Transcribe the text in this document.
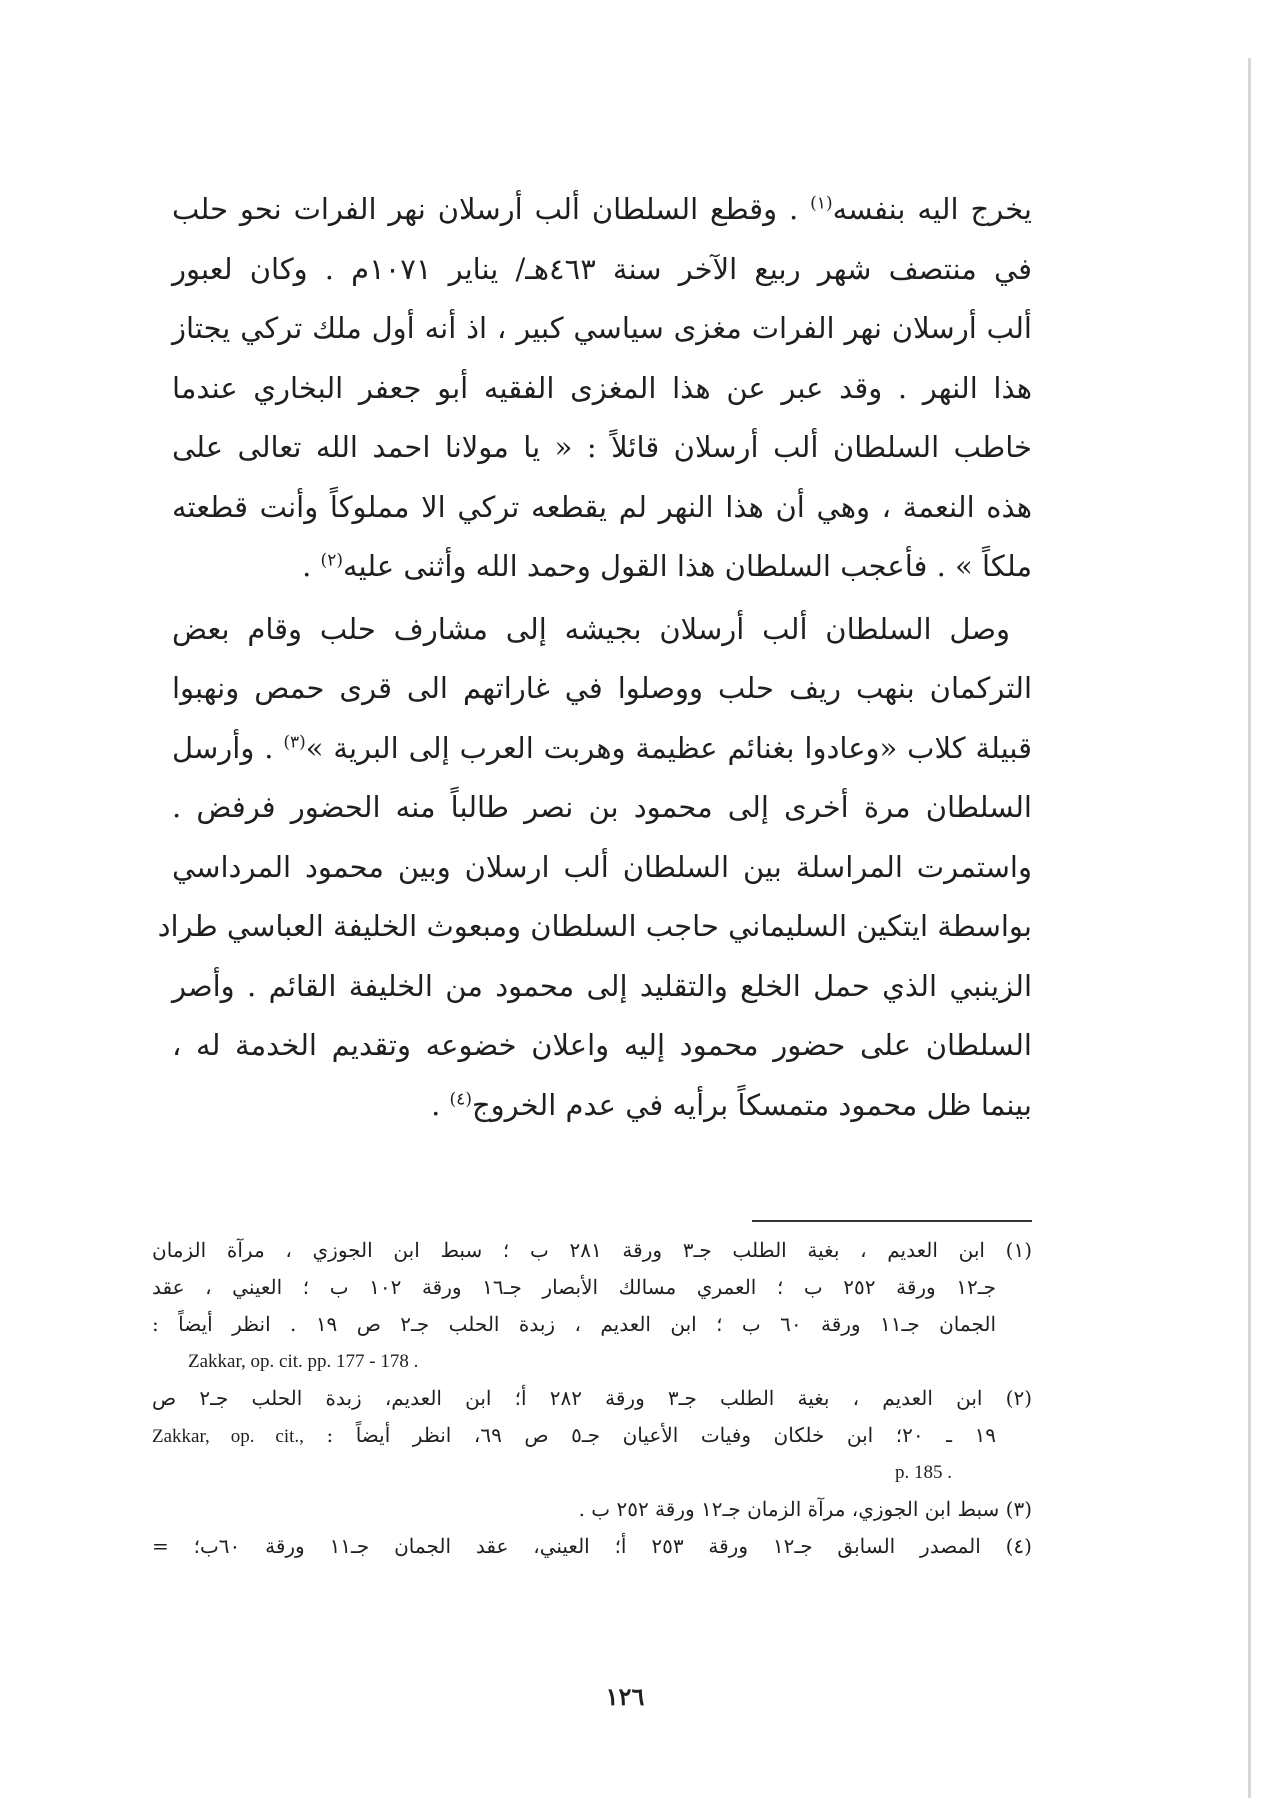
يخرج اليه بنفسه$^{(١)}$ . وقطع السلطان ألب أرسلان نهر الفرات نحو حلب
في منتصف شهر ربيع الآخر سنة ٤٦٣هـ/ يناير ١٠٧١م . وكان لعبور
ألب أرسلان نهر الفرات مغزى سياسي كبير ، اذ أنه أول ملك تركي يجتاز
هذا النهر . وقد عبر عن هذا المغزى الفقيه أبو جعفر البخاري عندما
خاطب السلطان ألب أرسلان قائلاً : « يا مولانا احمد الله تعالى على
هذه النعمة ، وهي أن هذا النهر لم يقطعه تركي الا مملوكاً وأنت قطعته
ملكاً » . فأعجب السلطان هذا القول وحمد الله وأثنى عليه$^{(٢)}$ .
وصل السلطان ألب أرسلان بجيشه إلى مشارف حلب وقام بعض
التركمان بنهب ريف حلب ووصلوا في غاراتهم الى قرى حمص ونهبوا
قبيلة كلاب «وعادوا بغنائم عظيمة وهربت العرب إلى البرية »$^{(٣)}$ . وأرسل
السلطان مرة أخرى إلى محمود بن نصر طالباً منه الحضور فرفض .
واستمرت المراسلة بين السلطان ألب ارسلان وبين محمود المرداسي
بواسطة ايتكين السليماني حاجب السلطان ومبعوث الخليفة العباسي طراد
الزينبي الذي حمل الخلع والتقليد إلى محمود من الخليفة القائم . وأصر
السلطان على حضور محمود إليه واعلان خضوعه وتقديم الخدمة له ،
بينما ظل محمود متمسكاً برأيه في عدم الخروج$^{(٤)}$ .
(١) ابن العديم ، بغية الطلب جـ٣ ورقة ٢٨١ ب ؛ سبط ابن الجوزي ، مرآة الزمان
جـ١٢ ورقة ٢٥٢ ب ؛ العمري مسالك الأبصار جـ١٦ ورقة ١٠٢ ب ؛ العيني ، عقد
الجمان جـ١١ ورقة ٦٠ ب ؛ ابن العديم ، زبدة الحلب جـ٢ ص ١٩ . انظر أيضاً :
Zakkar, op. cit. pp. 177 - 178 .
(٢) ابن العديم ، بغية الطلب جـ٣ ورقة ٢٨٢ أ؛ ابن العديم، زبدة الحلب جـ٢ ص
١٩ ـ ٢٠؛ ابن خلكان وفيات الأعيان جـ٥ ص ٦٩، انظر أيضاً : Zakkar, op. cit.,
p. 185 .
(٣) سبط ابن الجوزي، مرآة الزمان جـ١٢ ورقة ٢٥٢ ب .
(٤) المصدر السابق جـ١٢ ورقة ٢٥٣ أ؛ العيني، عقد الجمان جـ١١ ورقة ٦٠ب؛ =
١٢٦
